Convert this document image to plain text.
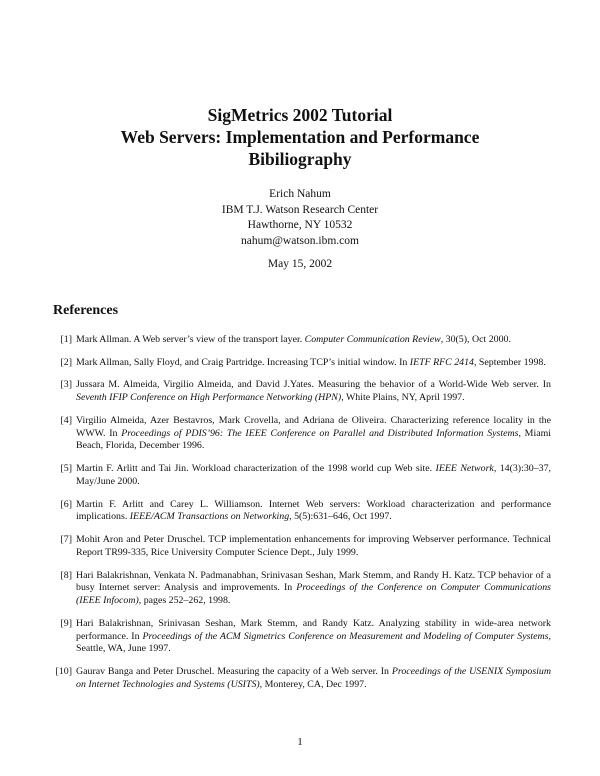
SigMetrics 2002 Tutorial

Web Servers: Implementation and Performance

Bibiliography

Erich Nahum
IBM T.J. Watson Research Center
Hawthorne, NY 10532
nahum@watson.ibm.com
May 15, 2002
References
[1] Mark Allman. A Web server’s view of the transport layer. Computer Communication Review, 30(5), Oct 2000.
[2] Mark Allman, Sally Floyd, and Craig Partridge. Increasing TCP’s initial window. In IETF RFC 2414, September 1998.
[3] Jussara M. Almeida, Virgilio Almeida, and David J.Yates. Measuring the behavior of a World-Wide Web server. In Seventh IFIP Conference on High Performance Networking (HPN), White Plains, NY, April 1997.
[4] Virgilio Almeida, Azer Bestavros, Mark Crovella, and Adriana de Oliveira. Characterizing reference locality in the WWW. In Proceedings of PDIS’96: The IEEE Conference on Parallel and Distributed Information Systems, Miami Beach, Florida, December 1996.
[5] Martin F. Arlitt and Tai Jin. Workload characterization of the 1998 world cup Web site. IEEE Network, 14(3):30–37, May/June 2000.
[6] Martin F. Arlitt and Carey L. Williamson. Internet Web servers: Workload characterization and performance implications. IEEE/ACM Transactions on Networking, 5(5):631–646, Oct 1997.
[7] Mohit Aron and Peter Druschel. TCP implementation enhancements for improving Webserver performance. Technical Report TR99-335, Rice University Computer Science Dept., July 1999.
[8] Hari Balakrishnan, Venkata N. Padmanabhan, Srinivasan Seshan, Mark Stemm, and Randy H. Katz. TCP behavior of a busy Internet server: Analysis and improvements. In Proceedings of the Conference on Computer Communications (IEEE Infocom), pages 252–262, 1998.
[9] Hari Balakrishnan, Srinivasan Seshan, Mark Stemm, and Randy Katz. Analyzing stability in wide-area network performance. In Proceedings of the ACM Sigmetrics Conference on Measurement and Modeling of Computer Systems, Seattle, WA, June 1997.
[10] Gaurav Banga and Peter Druschel. Measuring the capacity of a Web server. In Proceedings of the USENIX Symposium on Internet Technologies and Systems (USITS), Monterey, CA, Dec 1997.
1
